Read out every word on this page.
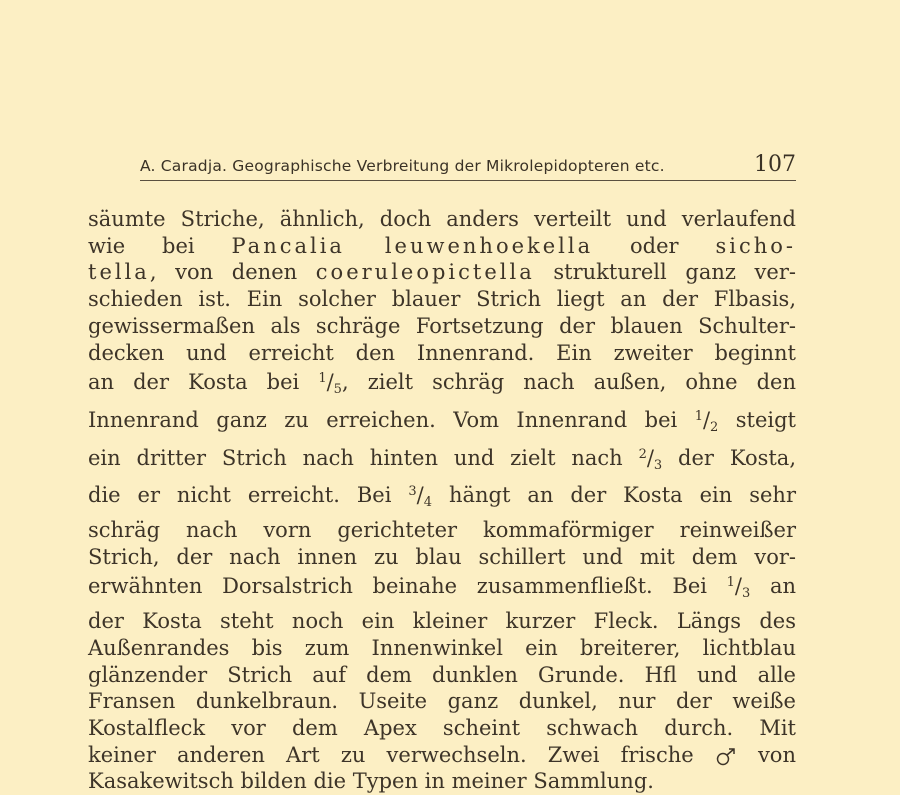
A. Caradja. Geographische Verbreitung der Mikrolepidopteren etc.	107
säumte Striche, ähnlich, doch anders verteilt und verlaufend
wie bei Pancalia leuwenhoekella oder sicho-
tella, von denen coeruleopictella strukturell ganz ver-
schieden ist. Ein solcher blauer Strich liegt an der Flbasis,
gewissermaßen als schräge Fortsetzung der blauen Schulter-
decken und erreicht den Innenrand. Ein zweiter beginnt
an der Kosta bei $^1$/5, zielt schräg nach außen, ohne den
Innenrand ganz zu erreichen. Vom Innenrand bei $^1$/2 steigt
ein dritter Strich nach hinten und zielt nach $^2$/3 der Kosta,
die er nicht erreicht. Bei $^3$/4 hängt an der Kosta ein sehr
schräg nach vorn gerichteter kommaförmiger reinweißer
Strich, der nach innen zu blau schillert und mit dem vor-
erwähnten Dorsalstrich beinahe zusammenfließt. Bei $^1$/3 an
der Kosta steht noch ein kleiner kurzer Fleck. Längs des
Außenrandes bis zum Innenwinkel ein breiterer, lichtblau
glänzender Strich auf dem dunklen Grunde. Hfl und alle
Fransen dunkelbraun. Useite ganz dunkel, nur der weiße
Kostalfleck vor dem Apex scheint schwach durch. Mit
keiner anderen Art zu verwechseln. Zwei frische  von
Kasakewitsch bilden die Typen in meiner Sammlung.
